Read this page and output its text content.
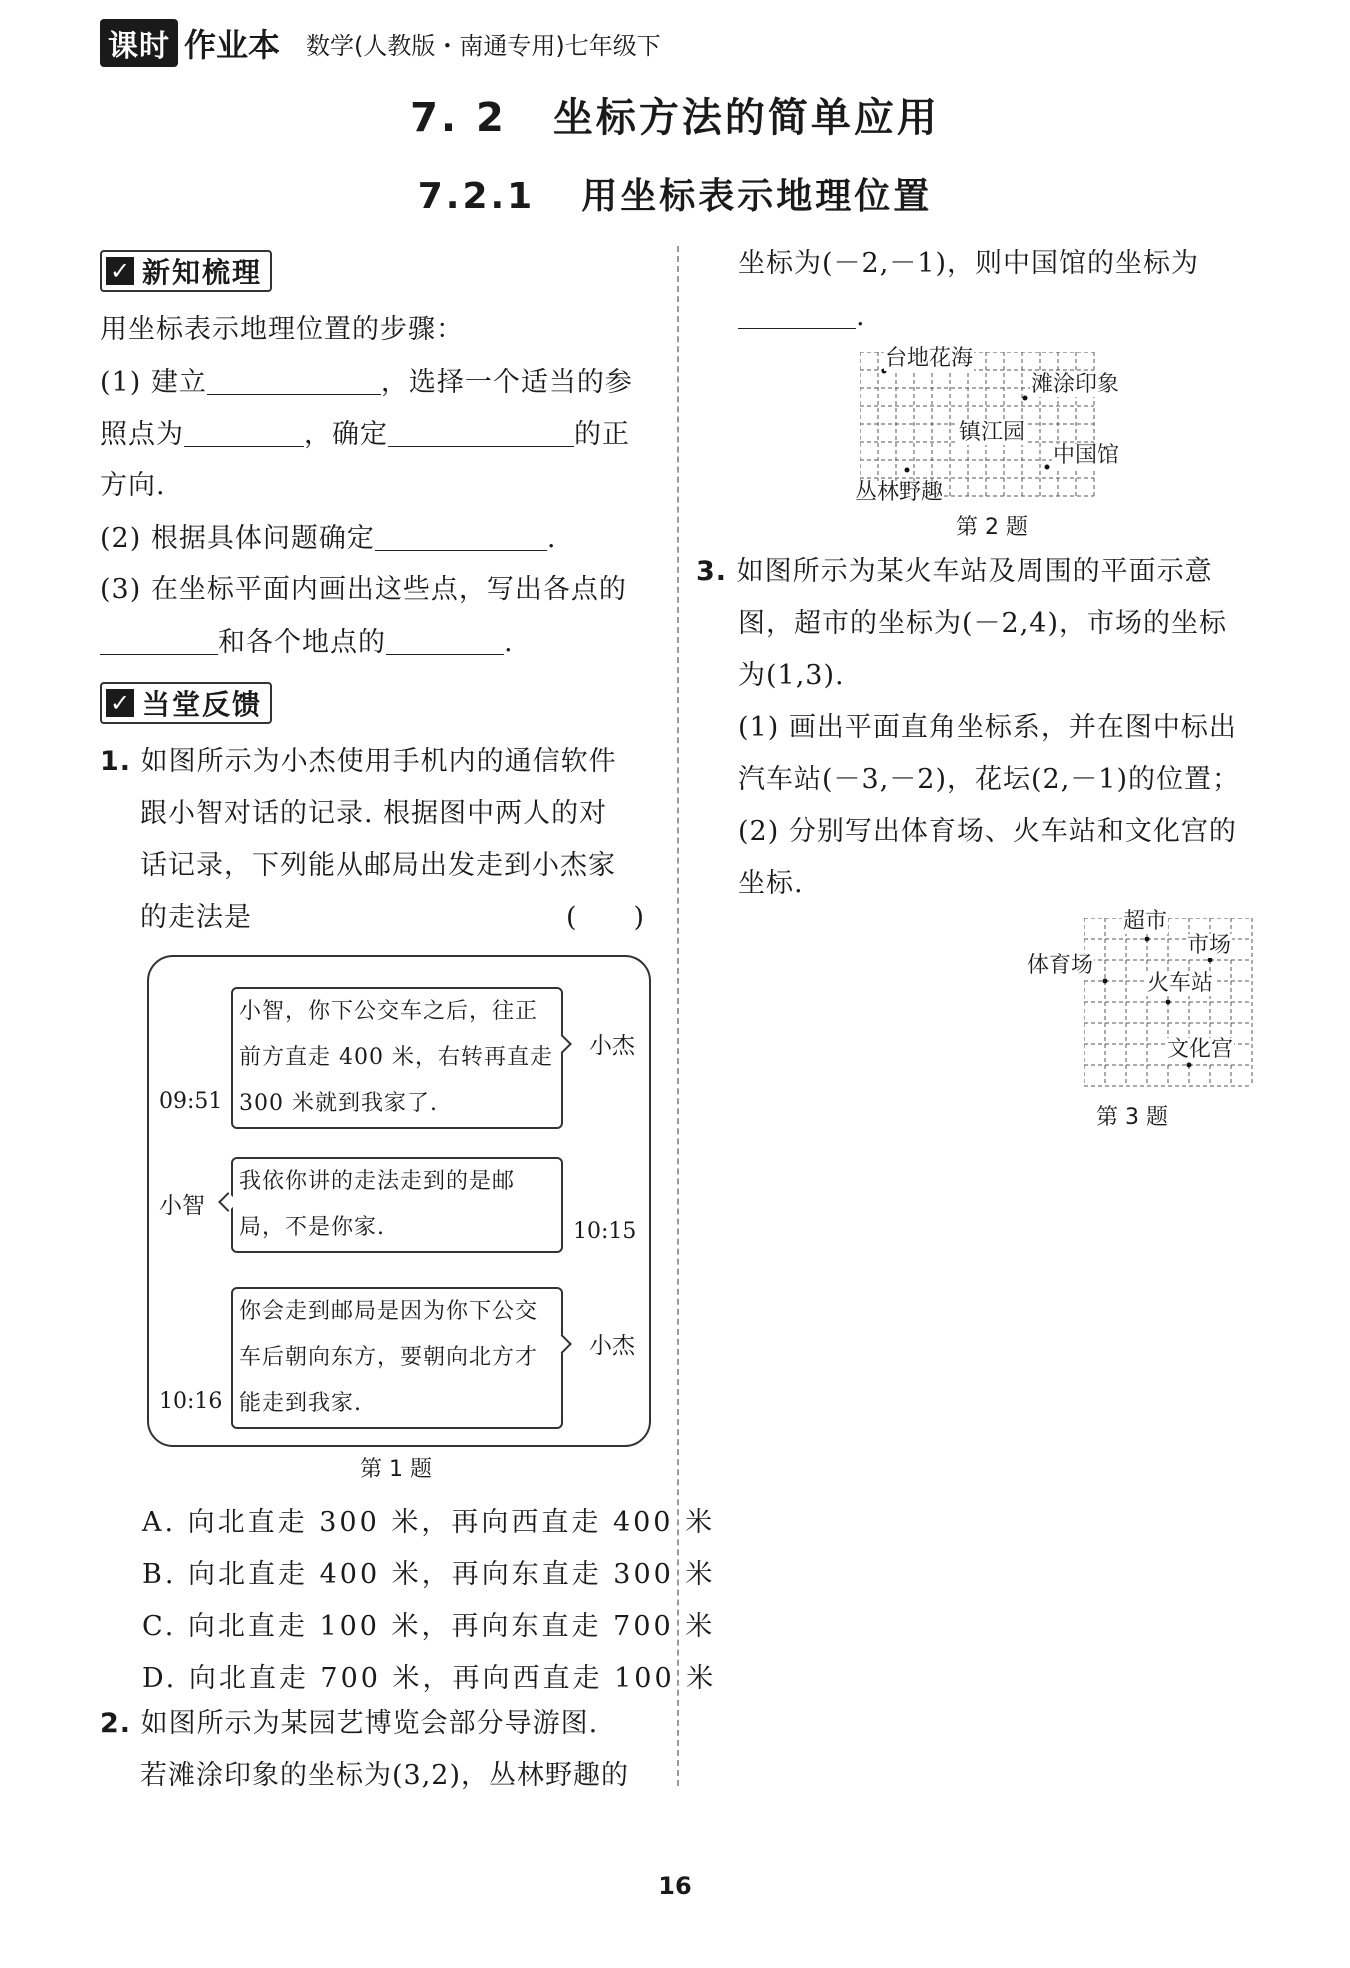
课时 作业本 数学(人教版・南通专用)七年级下
7. 2 坐标方法的简单应用
7.2.1 用坐标表示地理位置
✓ 新知梳理
用坐标表示地理位置的步骤：
(1) 建立	，选择一个适当的参
照点为	，确定	的正
方向.
(2) 根据具体问题确定	.
(3) 在坐标平面内画出这些点，写出各点的
和各个地点的	.
✓ 当堂反馈
1. 如图所示为小杰使用手机内的通信软件
跟小智对话的记录. 根据图中两人的对
话记录，下列能从邮局出发走到小杰家
的走法是	(　　)
小智，你下公交车之后，往正
前方直走 400 米，右转再直走
300 米就到我家了.
小杰
09:51
我依你讲的走法走到的是邮
局，不是你家.
小智
10:15
你会走到邮局是因为你下公交
车后朝向东方，要朝向北方才
能走到我家.
小杰
10:16
第 1 题
A. 向北直走 300 米，再向西直走 400 米
B. 向北直走 400 米，再向东直走 300 米
C. 向北直走 100 米，再向东直走 700 米
D. 向北直走 700 米，再向西直走 100 米
2. 如图所示为某园艺博览会部分导游图.
若滩涂印象的坐标为(3,2)，丛林野趣的
坐标为(－2,－1)，则中国馆的坐标为
.
台地花海
滩涂印象
镇江园
中国馆
丛林野趣
第 2 题
3. 如图所示为某火车站及周围的平面示意
图，超市的坐标为(－2,4)，市场的坐标
为(1,3).
(1) 画出平面直角坐标系，并在图中标出
汽车站(－3,－2)，花坛(2,－1)的位置；
(2) 分别写出体育场、火车站和文化宫的
坐标.
超市
市场
体育场
火车站
文化宫
第 3 题
16
